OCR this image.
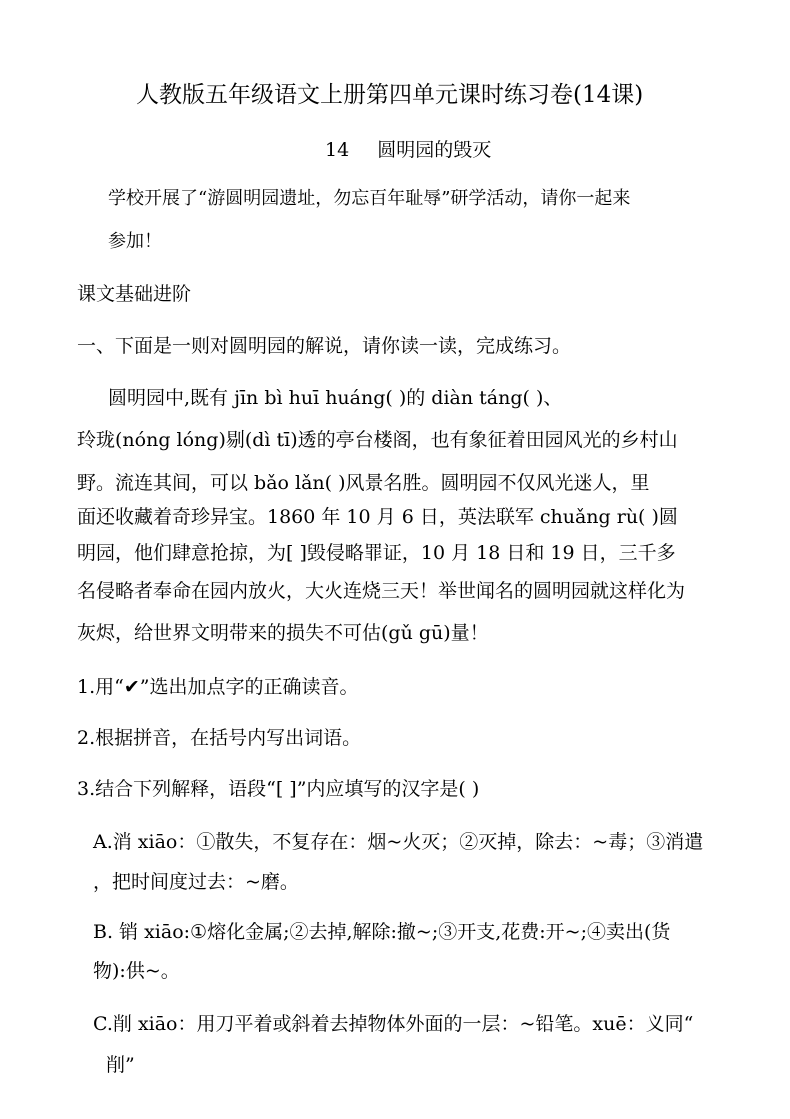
人教版五年级语文上册第四单元课时练习卷(14课)
14 圆明园的毁灭
学校开展了“游圆明园遗址，勿忘百年耻辱”研学活动，请你一起来
参加！
课文基础进阶
一、下面是一则对圆明园的解说，请你读一读，完成练习。
圆明园中,既有 jīn bì huī huáng( )的 diàn táng( )、
玲珑(nóng lóng)剔(dì tī)透的亭台楼阁，也有象征着田园风光的乡村山
野。流连其间，可以 bǎo lǎn( )风景名胜。圆明园不仅风光迷人，里
面还收藏着奇珍异宝。1860 年 10 月 6 日，英法联军 chuǎng rù( )圆
明园，他们肆意抢掠，为[ ]毁侵略罪证，10 月 18 日和 19 日，三千多
名侵略者奉命在园内放火，大火连烧三天！举世闻名的圆明园就这样化为
灰烬，给世界文明带来的损失不可估(gǔ gū)量！
1.用“✔”选出加点字的正确读音。
2.根据拼音，在括号内写出词语。
3.结合下列解释，语段“[ ]”内应填写的汉字是( )
A.消 xiāo：①散失，不复存在：烟~火灭；②灭掉，除去：~毒；③消遣
，把时间度过去：~磨。
B. 销 xiāo:①熔化金属;②去掉,解除:撤~;③开支,花费:开~;④卖出(货
物):供~。
C.削 xiāo：用刀平着或斜着去掉物体外面的一层：~铅笔。xuē：义同“
削”
